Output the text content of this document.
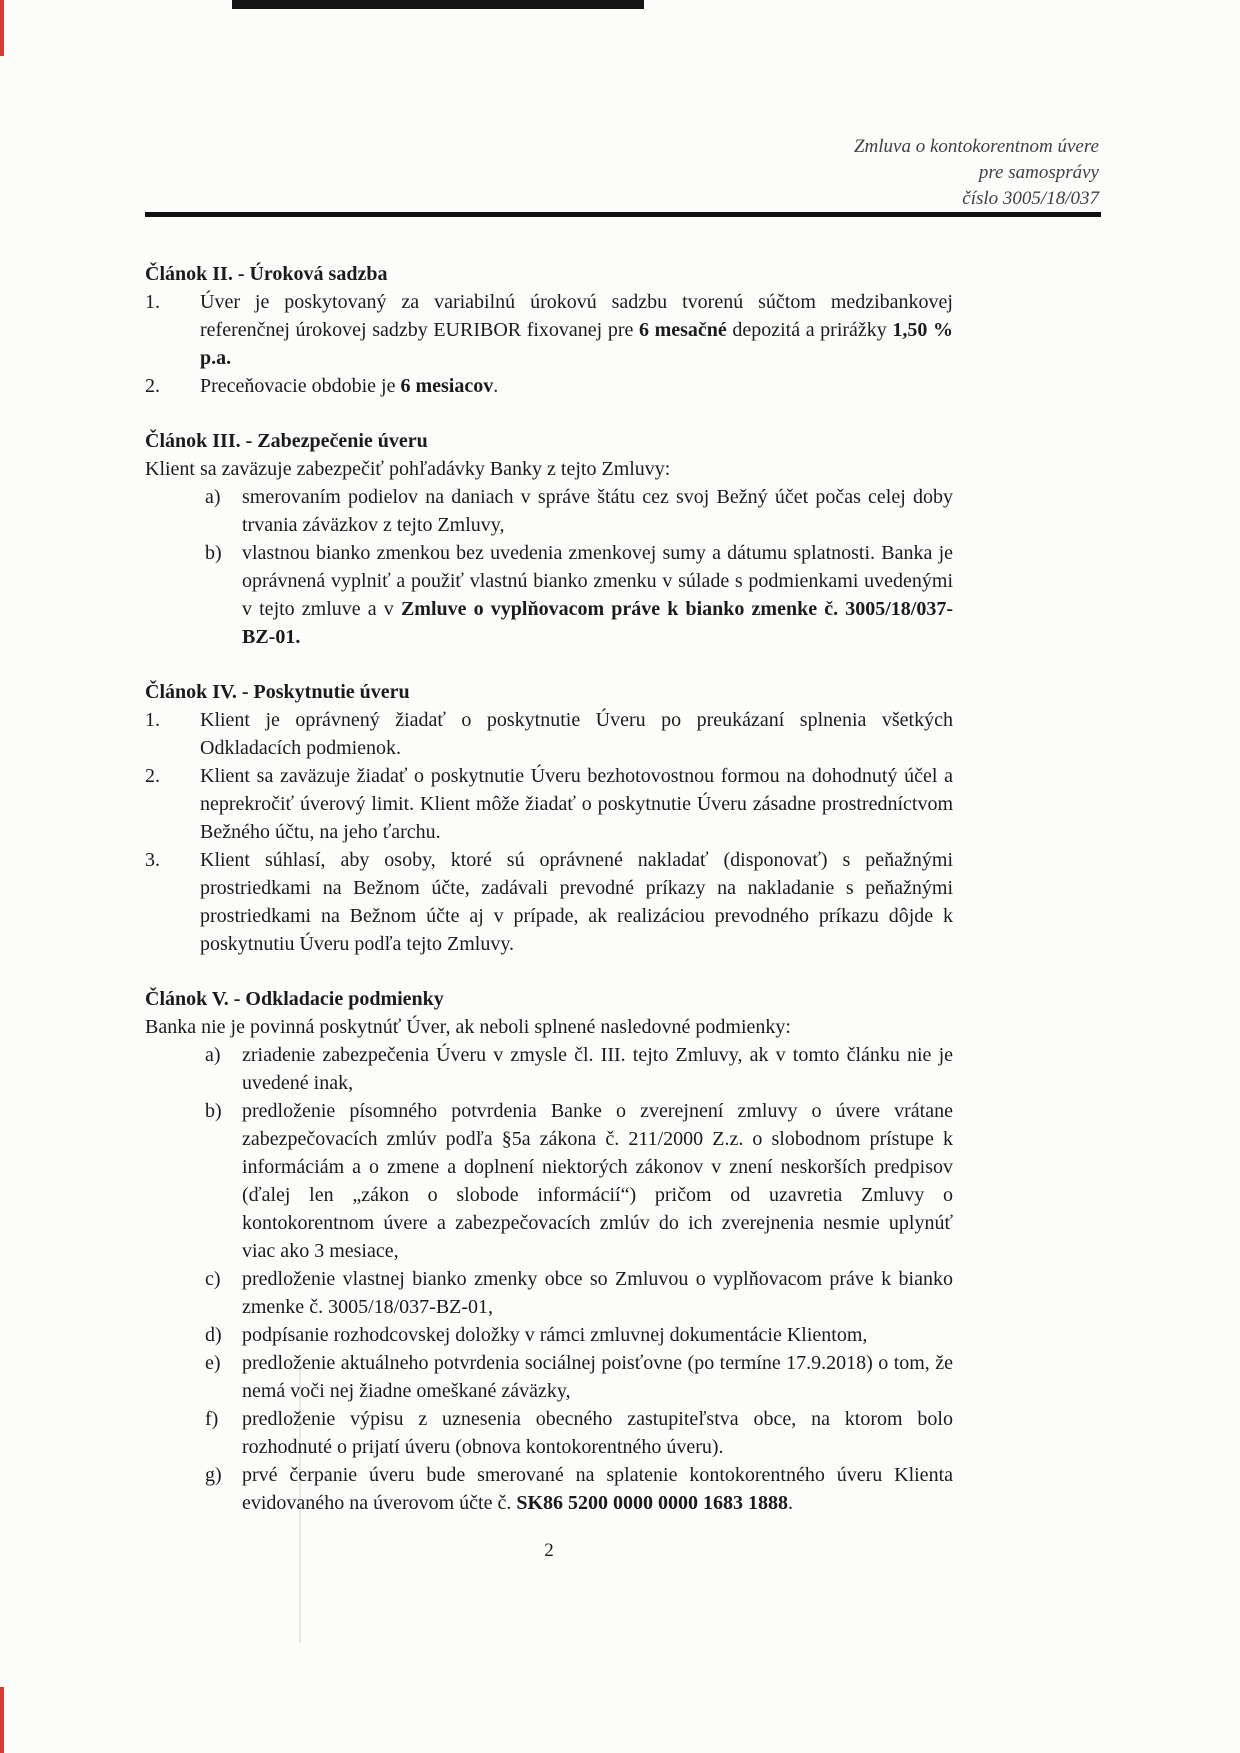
Zmluva o kontokorentnom úvere
pre samosprávy
číslo 3005/18/037
Článok II. - Úroková sadzba
1.	Úver je poskytovaný za variabilnú úrokovú sadzbu tvorenú súčtom medzibankovej referenčnej úrokovej sadzby EURIBOR fixovanej pre 6 mesačné depozitá a prirážky 1,50 % p.a.
2.	Preceňovacie obdobie je 6 mesiacov.
Článok III. - Zabezpečenie úveru

Klient sa zaväzuje zabezpečiť pohľadávky Banky z tejto Zmluvy:

a)	smerovaním podielov na daniach v správe štátu cez svoj Bežný účet počas celej doby trvania záväzkov z tejto Zmluvy,
b)	vlastnou bianko zmenkou bez uvedenia zmenkovej sumy a dátumu splatnosti. Banka je oprávnená vyplniť a použiť vlastnú bianko zmenku v súlade s podmienkami uvedenými v tejto zmluve a v Zmluve o vyplňovacom práve k bianko zmenke č. 3005/18/037-BZ-01.
Článok IV. - Poskytnutie úveru
1.	Klient je oprávnený žiadať o poskytnutie Úveru po preukázaní splnenia všetkých Odkladacích podmienok.
2.	Klient sa zaväzuje žiadať o poskytnutie Úveru bezhotovostnou formou na dohodnutý účel a neprekročiť úverový limit. Klient môže žiadať o poskytnutie Úveru zásadne prostredníctvom Bežného účtu, na jeho ťarchu.
3.	Klient súhlasí, aby osoby, ktoré sú oprávnené nakladať (disponovať) s peňažnými prostriedkami na Bežnom účte, zadávali prevodné príkazy na nakladanie s peňažnými prostriedkami na Bežnom účte aj v prípade, ak realizáciou prevodného príkazu dôjde k poskytnutiu Úveru podľa tejto Zmluvy.
Článok V. - Odkladacie podmienky

Banka nie je povinná poskytnúť Úver, ak neboli splnené nasledovné podmienky:

a)	zriadenie zabezpečenia Úveru v zmysle čl. III. tejto Zmluvy, ak v tomto článku nie je uvedené inak,
b)	predloženie písomného potvrdenia Banke o zverejnení zmluvy o úvere vrátane zabezpečovacích zmlúv podľa §5a zákona č. 211/2000 Z.z. o slobodnom prístupe k informáciám a o zmene a doplnení niektorých zákonov v znení neskorších predpisov (ďalej len „zákon o slobode informácií“) pričom od uzavretia Zmluvy o kontokorentnom úvere a zabezpečovacích zmlúv do ich zverejnenia nesmie uplynúť viac ako 3 mesiace,
c)	predloženie vlastnej bianko zmenky obce so Zmluvou o vyplňovacom práve k bianko zmenke č. 3005/18/037-BZ-01,
d)	podpísanie rozhodcovskej doložky v rámci zmluvnej dokumentácie Klientom,
e)	predloženie aktuálneho potvrdenia sociálnej poisťovne (po termíne 17.9.2018) o tom, že nemá voči nej žiadne omeškané záväzky,
f)	predloženie výpisu z uznesenia obecného zastupiteľstva obce, na ktorom bolo rozhodnuté o prijatí úveru (obnova kontokorentného úveru).
g)	prvé čerpanie úveru bude smerované na splatenie kontokorentného úveru Klienta evidovaného na úverovom účte č. SK86 5200 0000 0000 1683 1888.
2
